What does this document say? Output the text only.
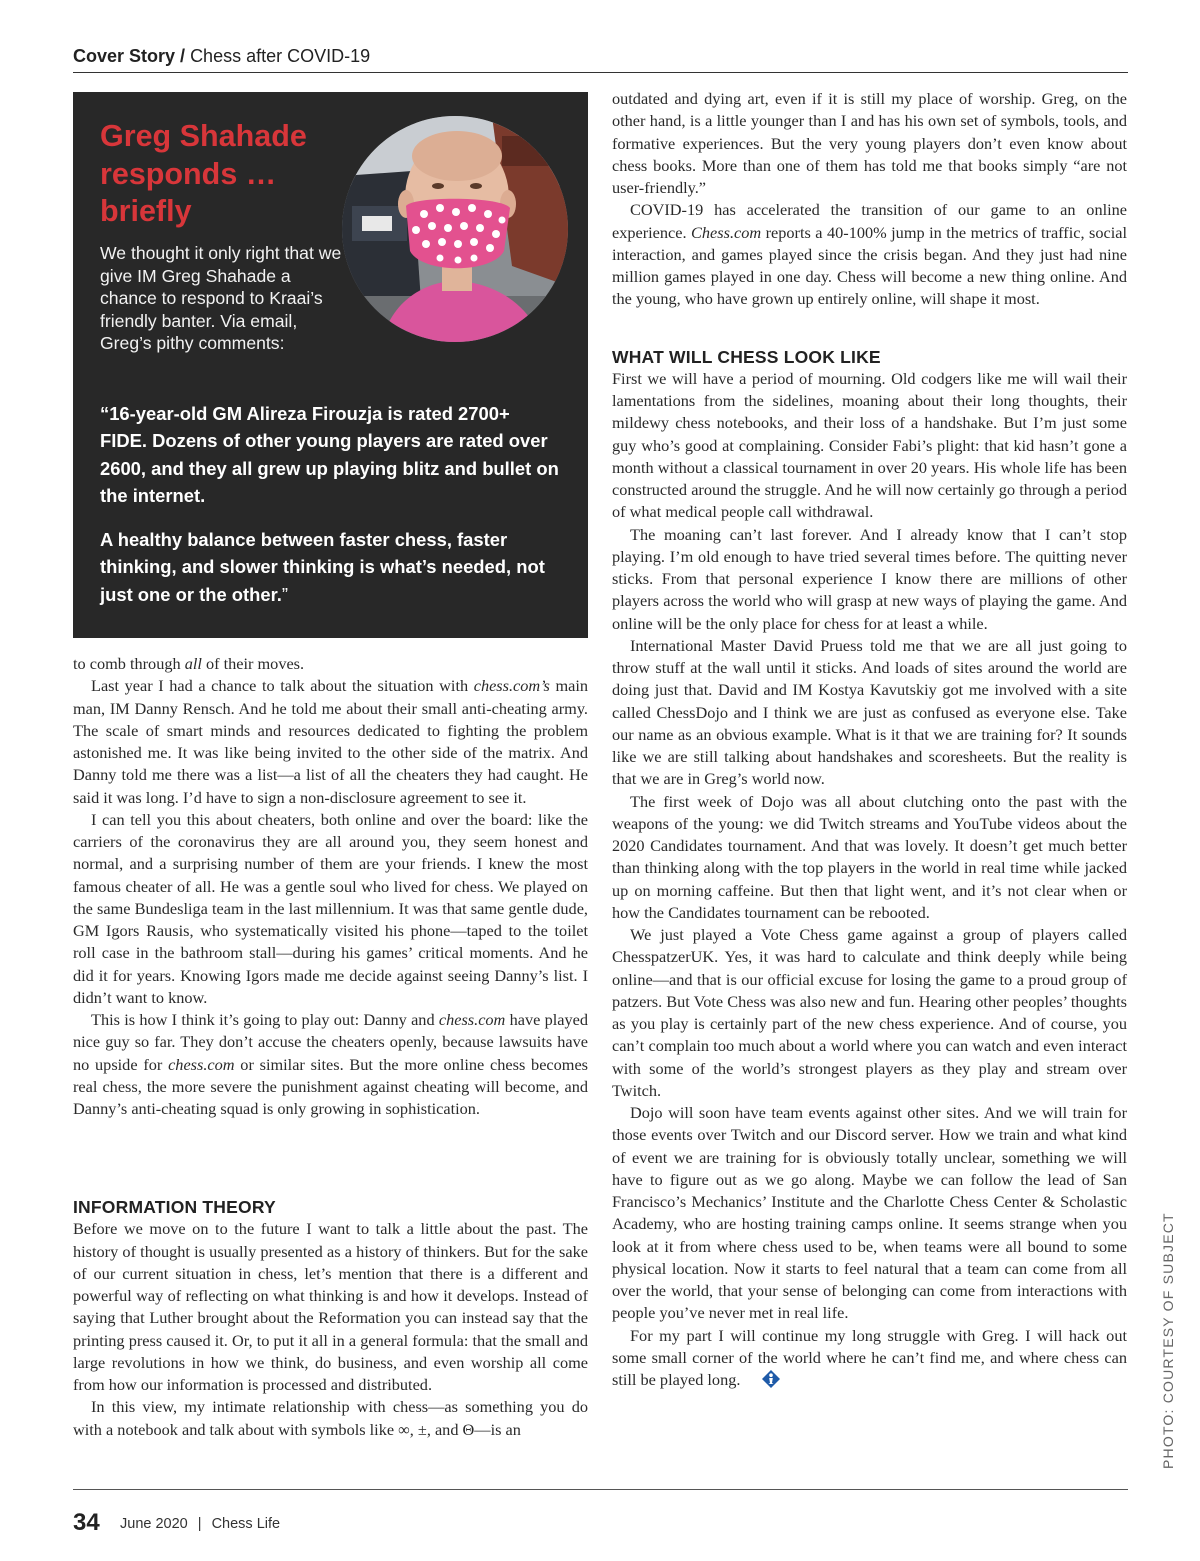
Cover Story / Chess after COVID-19
Greg Shahade responds … briefly

We thought it only right that we give IM Greg Shahade a chance to respond to Kraai’s friendly banter. Via email, Greg’s pithy comments:

“16-year-old GM Alireza Firouzja is rated 2700+ FIDE. Dozens of other young players are rated over 2600, and they all grew up playing blitz and bullet on the internet.

A healthy balance between faster chess, faster thinking, and slower thinking is what’s needed, not just one or the other.”

to comb through all of their moves.

Last year I had a chance to talk about the situation with chess.com’s main man, IM Danny Rensch. And he told me about their small anti-cheating army. The scale of smart minds and resources dedicated to fighting the problem astonished me. It was like being invited to the other side of the matrix. And Danny told me there was a list—a list of all the cheaters they had caught. He said it was long. I’d have to sign a non-disclosure agreement to see it.

I can tell you this about cheaters, both online and over the board: like the carriers of the coronavirus they are all around you, they seem honest and normal, and a surprising number of them are your friends. I knew the most famous cheater of all. He was a gentle soul who lived for chess. We played on the same Bundesliga team in the last millennium. It was that same gentle dude, GM Igors Rausis, who systematically visited his phone—taped to the toilet roll case in the bathroom stall—during his games’ critical moments. And he did it for years. Knowing Igors made me decide against seeing Danny’s list. I didn’t want to know.

This is how I think it’s going to play out: Danny and chess.com have played nice guy so far. They don’t accuse the cheaters openly, because lawsuits have no upside for chess.com or similar sites. But the more online chess becomes real chess, the more severe the punishment against cheating will become, and Danny’s anti-cheating squad is only growing in sophistication.

INFORMATION THEORY

Before we move on to the future I want to talk a little about the past. The history of thought is usually presented as a history of thinkers. But for the sake of our current situation in chess, let’s mention that there is a different and powerful way of reflecting on what thinking is and how it develops. Instead of saying that Luther brought about the Reformation you can instead say that the printing press caused it. Or, to put it all in a general formula: that the small and large revolutions in how we think, do business, and even worship all come from how our information is processed and distributed.

In this view, my intimate relationship with chess—as something you do with a notebook and talk about with symbols like ∞, ±, and Θ—is an

outdated and dying art, even if it is still my place of worship. Greg, on the other hand, is a little younger than I and has his own set of symbols, tools, and formative experiences. But the very young players don’t even know about chess books. More than one of them has told me that books simply “are not user-friendly.”

COVID-19 has accelerated the transition of our game to an online experience. Chess.com reports a 40-100% jump in the metrics of traffic, social interaction, and games played since the crisis began. And they just had nine million games played in one day. Chess will become a new thing online. And the young, who have grown up entirely online, will shape it most.

WHAT WILL CHESS LOOK LIKE

First we will have a period of mourning. Old codgers like me will wail their lamentations from the sidelines, moaning about their long thoughts, their mildewy chess notebooks, and their loss of a handshake. But I’m just some guy who’s good at complaining. Consider Fabi’s plight: that kid hasn’t gone a month without a classical tournament in over 20 years. His whole life has been constructed around the struggle. And he will now certainly go through a period of what medical people call withdrawal.

The moaning can’t last forever. And I already know that I can’t stop playing. I’m old enough to have tried several times before. The quitting never sticks. From that personal experience I know there are millions of other players across the world who will grasp at new ways of playing the game. And online will be the only place for chess for at least a while.

International Master David Pruess told me that we are all just going to throw stuff at the wall until it sticks. And loads of sites around the world are doing just that. David and IM Kostya Kavutskiy got me involved with a site called ChessDojo and I think we are just as confused as everyone else. Take our name as an obvious example. What is it that we are training for? It sounds like we are still talking about handshakes and scoresheets. But the reality is that we are in Greg’s world now.

The first week of Dojo was all about clutching onto the past with the weapons of the young: we did Twitch streams and YouTube videos about the 2020 Candidates tournament. And that was lovely. It doesn’t get much better than thinking along with the top players in the world in real time while jacked up on morning caffeine. But then that light went, and it’s not clear when or how the Candidates tournament can be rebooted.

We just played a Vote Chess game against a group of players called ChesspatzerUK. Yes, it was hard to calculate and think deeply while being online—and that is our official excuse for losing the game to a proud group of patzers. But Vote Chess was also new and fun. Hearing other peoples’ thoughts as you play is certainly part of the new chess experience. And of course, you can’t complain too much about a world where you can watch and even interact with some of the world’s strongest players as they play and stream over Twitch.

Dojo will soon have team events against other sites. And we will train for those events over Twitch and our Discord server. How we train and what kind of event we are training for is obviously totally unclear, something we will have to figure out as we go along. Maybe we can follow the lead of San Francisco’s Mechanics’ Institute and the Charlotte Chess Center & Scholastic Academy, who are hosting training camps online. It seems strange when you look at it from where chess used to be, when teams were all bound to some physical location. Now it starts to feel natural that a team can come from all over the world, that your sense of belonging can come from interactions with people you’ve never met in real life.

For my part I will continue my long struggle with Greg. I will hack out some small corner of the world where he can’t find me, and where chess can still be played long.	PHOTO: COURTESY OF SUBJECT
34 June 2020 | Chess Life
